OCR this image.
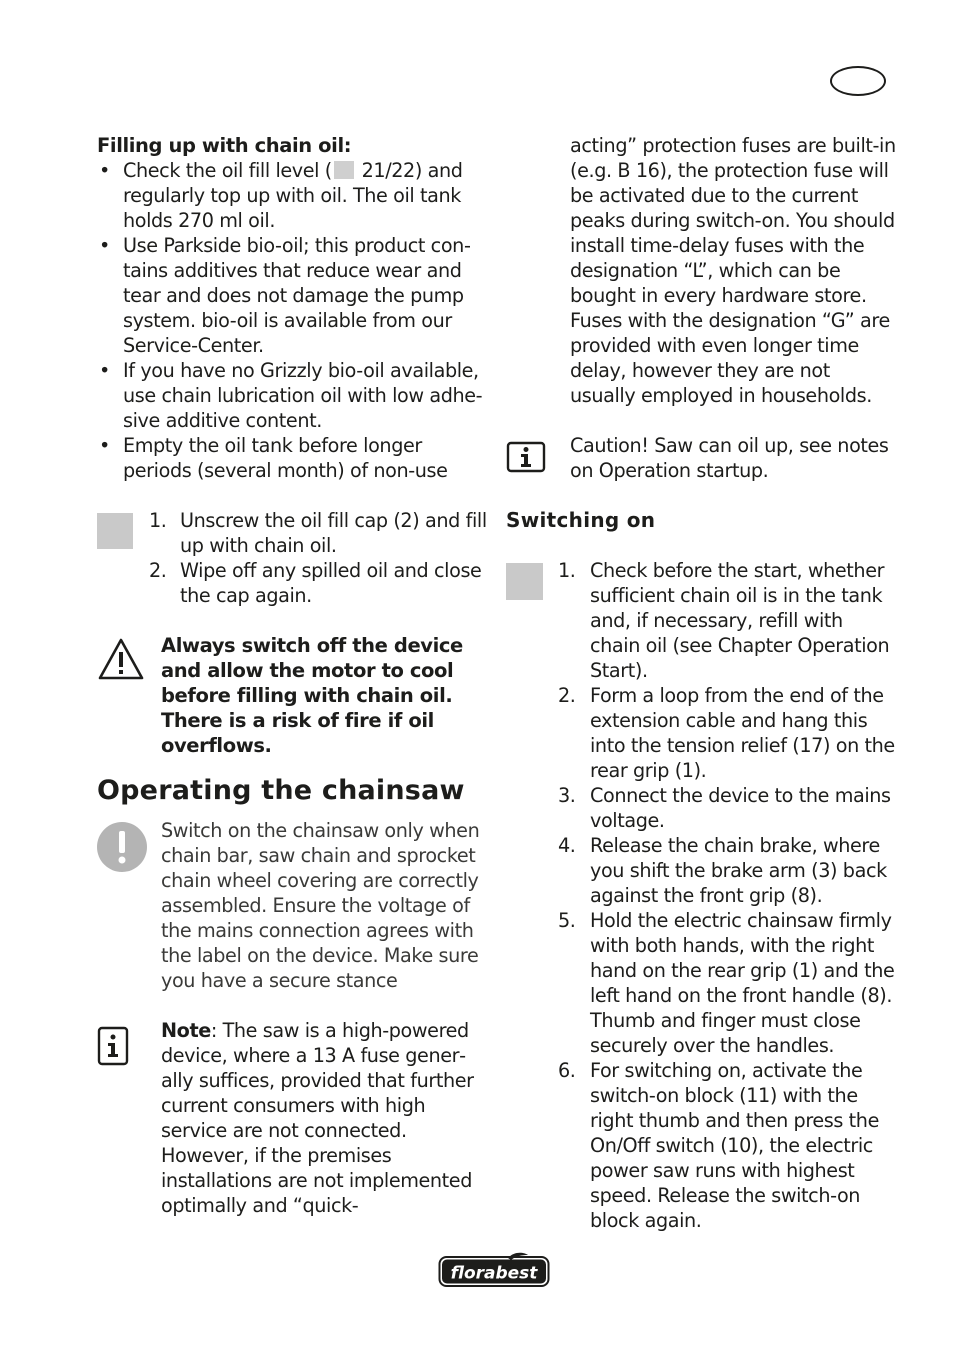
Filling up with chain oil:

• Check the oil fill level ( 21/22) and regularly top up with oil. The oil tank holds 270 ml oil.
• Use Parkside bio-oil; this product contains additives that reduce wear and tear and does not damage the pump system. bio-oil is available from our Service-Center.
• If you have no Grizzly bio-oil available, use chain lubrication oil with low adhesive additive content.
• Empty the oil tank before longer periods (several month) of non-use
1. Unscrew the oil fill cap (2) and fill up with chain oil.
2. Wipe off any spilled oil and close the cap again.
Always switch off the device and allow the motor to cool before filling with chain oil. There is a risk of fire if oil overflows.
Operating the chainsaw
Switch on the chainsaw only when chain bar, saw chain and sprocket chain wheel covering are correctly assembled. Ensure the voltage of the mains connection agrees with the label on the device. Make sure you have a secure stance
Note: The saw is a high-powered device, where a 13 A fuse generally suffices, provided that further current consumers with high service are not connected. However, if the premises installations are not implemented optimally and “quick-
acting” protection fuses are built-in (e.g. B 16), the protection fuse will be activated due to the current peaks during switch-on. You should install time-delay fuses with the designation “L”, which can be bought in every hardware store. Fuses with the designation “G” are provided with even longer time delay, however they are not usually employed in households.
Caution! Saw can oil up, see notes on Operation startup.

Switching on

1. Check before the start, whether sufficient chain oil is in the tank and, if necessary, refill with chain oil (see Chapter Operation Start).
2. Form a loop from the end of the extension cable and hang this into the tension relief (17) on the rear grip (1).
3. Connect the device to the mains voltage.
4. Release the chain brake, where you shift the brake arm (3) back against the front grip (8).
5. Hold the electric chainsaw firmly with both hands, with the right hand on the rear grip (1) and the left hand on the front handle (8). Thumb and finger must close securely over the handles.
6. For switching on, activate the switch-on block (11) with the right thumb and then press the On/Off switch (10), the electric power saw runs with highest speed. Release the switch-on block again.
florabest
